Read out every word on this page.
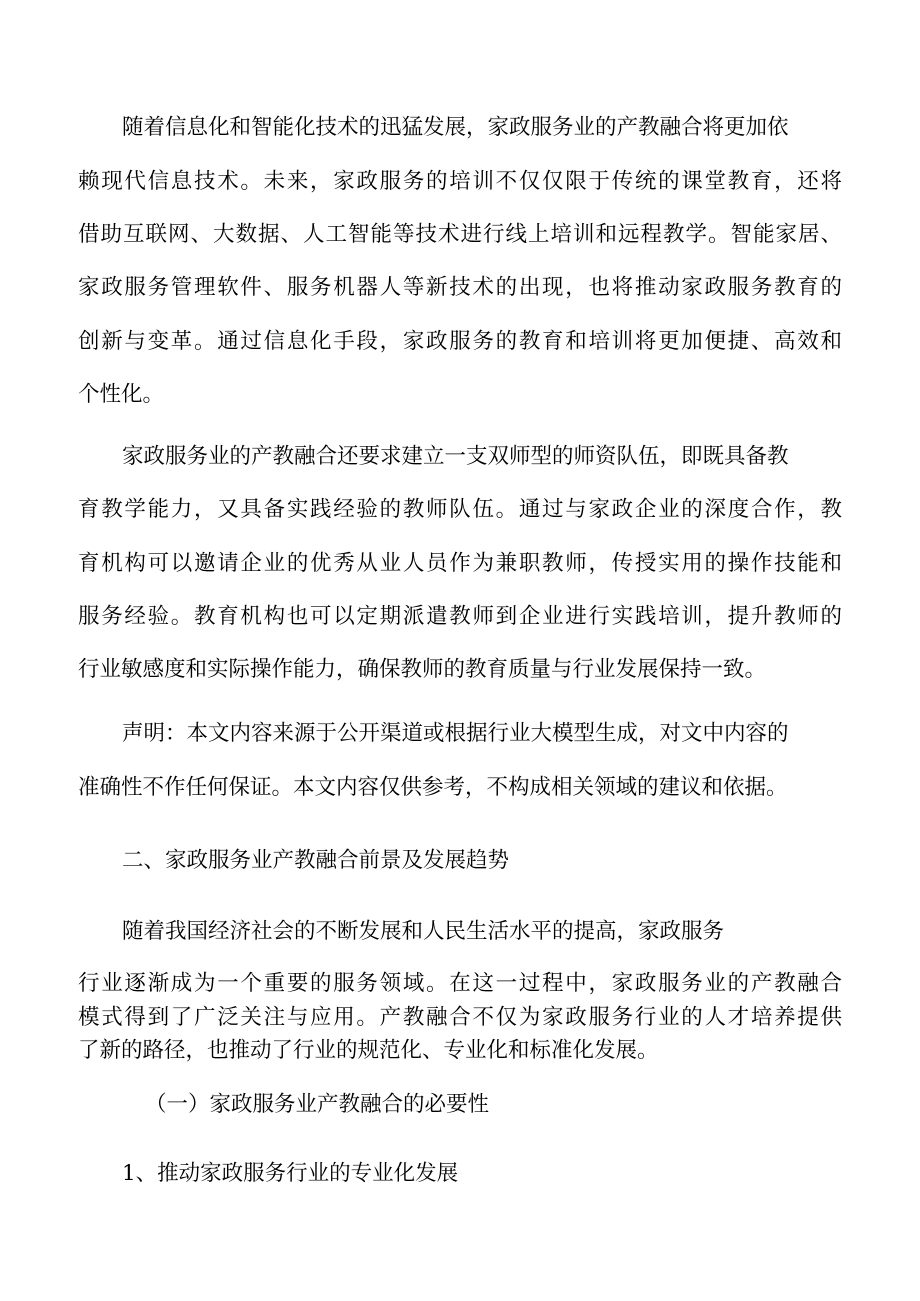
随着信息化和智能化技术的迅猛发展，家政服务业的产教融合将更加依
赖现代信息技术。未来，家政服务的培训不仅仅限于传统的课堂教育，还将
借助互联网、大数据、人工智能等技术进行线上培训和远程教学。智能家居、
家政服务管理软件、服务机器人等新技术的出现，也将推动家政服务教育的
创新与变革。通过信息化手段，家政服务的教育和培训将更加便捷、高效和
个性化。
家政服务业的产教融合还要求建立一支双师型的师资队伍，即既具备教
育教学能力，又具备实践经验的教师队伍。通过与家政企业的深度合作，教
育机构可以邀请企业的优秀从业人员作为兼职教师，传授实用的操作技能和
服务经验。教育机构也可以定期派遣教师到企业进行实践培训，提升教师的
行业敏感度和实际操作能力，确保教师的教育质量与行业发展保持一致。
声明：本文内容来源于公开渠道或根据行业大模型生成，对文中内容的
准确性不作任何保证。本文内容仅供参考，不构成相关领域的建议和依据。
二、家政服务业产教融合前景及发展趋势
随着我国经济社会的不断发展和人民生活水平的提高，家政服务
行业逐渐成为一个重要的服务领域。在这一过程中，家政服务业的产教融合
模式得到了广泛关注与应用。产教融合不仅为家政服务行业的人才培养提供
了新的路径，也推动了行业的规范化、专业化和标准化发展。
（一）家政服务业产教融合的必要性
1、推动家政服务行业的专业化发展
